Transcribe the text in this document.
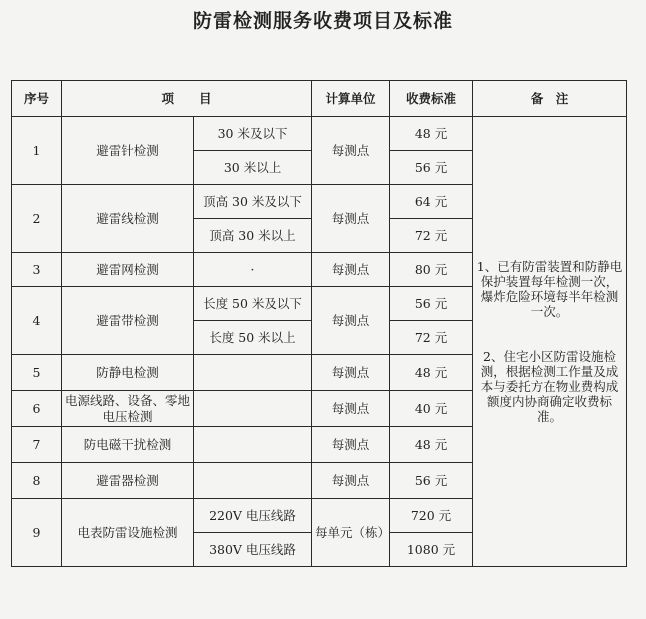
防雷检测服务收费项目及标准
序号	项　　目		计算单位	收费标准	备　注
1	避雷针检测	30 米及以下	每测点	48 元	1、已有防雷装置和防静电保护装置每年检测一次，爆炸危险环境每半年检测一次。
2、住宅小区防雷设施检测，根据检测工作量及成本与委托方在物业费构成额度内协商确定收费标准。

		30 米以上		56 元	
2	避雷线检测	顶高 30 米及以下	每测点	64 元	
		顶高 30 米以上		72 元	
3	避雷网检测	·	每测点	80 元	
4	避雷带检测	长度 50 米及以下	每测点	56 元	
		长度 50 米以上		72 元	
5	防静电检测		每测点	48 元	
6	电源线路、设备、零地电压检测		每测点	40 元	
7	防电磁干扰检测		每测点	48 元	
8	避雷器检测		每测点	56 元	
9	电表防雷设施检测	220V 电压线路	每单元（栋）	720 元	
		380V 电压线路		1080 元	
